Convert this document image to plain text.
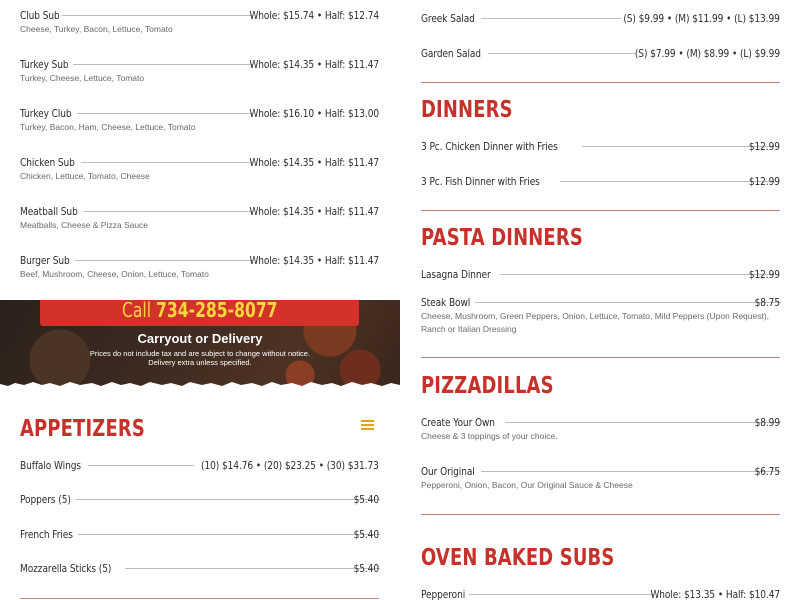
Club Sub	Whole: $15.74 • Half: $12.74
Cheese, Turkey, Bacon, Lettuce, Tomato
Turkey Sub	Whole: $14.35 • Half: $11.47
Turkey, Cheese, Lettuce, Tomato
Turkey Club	Whole: $16.10 • Half: $13.00
Turkey, Bacon, Ham, Cheese, Lettuce, Tomato
Chicken Sub	Whole: $14.35 • Half: $11.47
Chicken, Lettuce, Tomato, Cheese
Meatball Sub	Whole: $14.35 • Half: $11.47
Meatballs, Cheese & Pizza Sauce
Burger Sub	Whole: $14.35 • Half: $11.47
Beef, Mushroom, Cheese, Onion, Lettuce, Tomato
Call 734-285-8077
Carryout or Delivery
Prices do not include tax and are subject to change without notice.
Delivery extra unless specified.
APPETIZERS
Buffalo Wings	(10) $14.76 • (20) $23.25 • (30) $31.73
Poppers (5)	$5.40
French Fries	$5.40
Mozzarella Sticks (5)	$5.40
Greek Salad	(S) $9.99 • (M) $11.99 • (L) $13.99
Garden Salad	(S) $7.99 • (M) $8.99 • (L) $9.99
DINNERS
3 Pc. Chicken Dinner with Fries	$12.99
3 Pc. Fish Dinner with Fries	$12.99
PASTA DINNERS
Lasagna Dinner	$12.99
Steak Bowl	$8.75
Cheese, Mushroom, Green Peppers, Onion, Lettuce, Tomato, Mild Peppers (Upon Request), Ranch or Italian Dressing
PIZZADILLAS
Create Your Own	$8.99
Cheese & 3 toppings of your choice.
Our Original	$6.75
Pepperoni, Onion, Bacon, Our Original Sauce & Cheese
OVEN BAKED SUBS
Pepperoni	Whole: $13.35 • Half: $10.47
